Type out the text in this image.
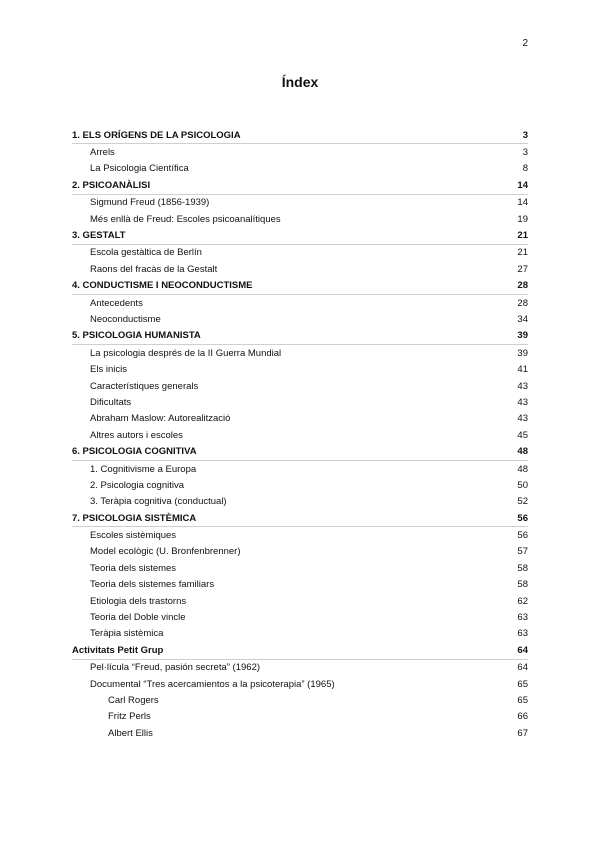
2
Índex
1. ELS ORÍGENS DE LA PSICOLOGIA	3
Arrels	3
La Psicologia Científica	8
2. PSICOANÀLISI	14
Sigmund Freud (1856-1939)	14
Més enllà de Freud: Escoles psicoanalítiques	19
3. GESTALT	21
Escola gestàltica de Berlín	21
Raons del fracàs de la Gestalt	27
4. CONDUCTISME I NEOCONDUCTISME	28
Antecedents	28
Neoconductisme	34
5. PSICOLOGIA HUMANISTA	39
La psicologia després de la II Guerra Mundial	39
Els inicis	41
Característiques generals	43
Dificultats	43
Abraham Maslow: Autorealització	43
Altres autors i escoles	45
6. PSICOLOGIA COGNITIVA	48
1. Cognitivisme a Europa	48
2. Psicologia cognitiva	50
3. Teràpia cognitiva (conductual)	52
7. PSICOLOGIA SISTÈMICA	56
Escoles sistèmiques	56
Model ecològic (U. Bronfenbrenner)	57
Teoria dels sistemes	58
Teoria dels sistemes familiars	58
Etiologia dels trastorns	62
Teoria del Doble vincle	63
Teràpia sistèmica	63
Activitats Petit Grup	64
Pel·lícula “Freud, pasión secreta” (1962)	64
Documental “Tres acercamientos a la psicoterapia” (1965)	65
Carl Rogers	65
Fritz Perls	66
Albert Ellis	67
